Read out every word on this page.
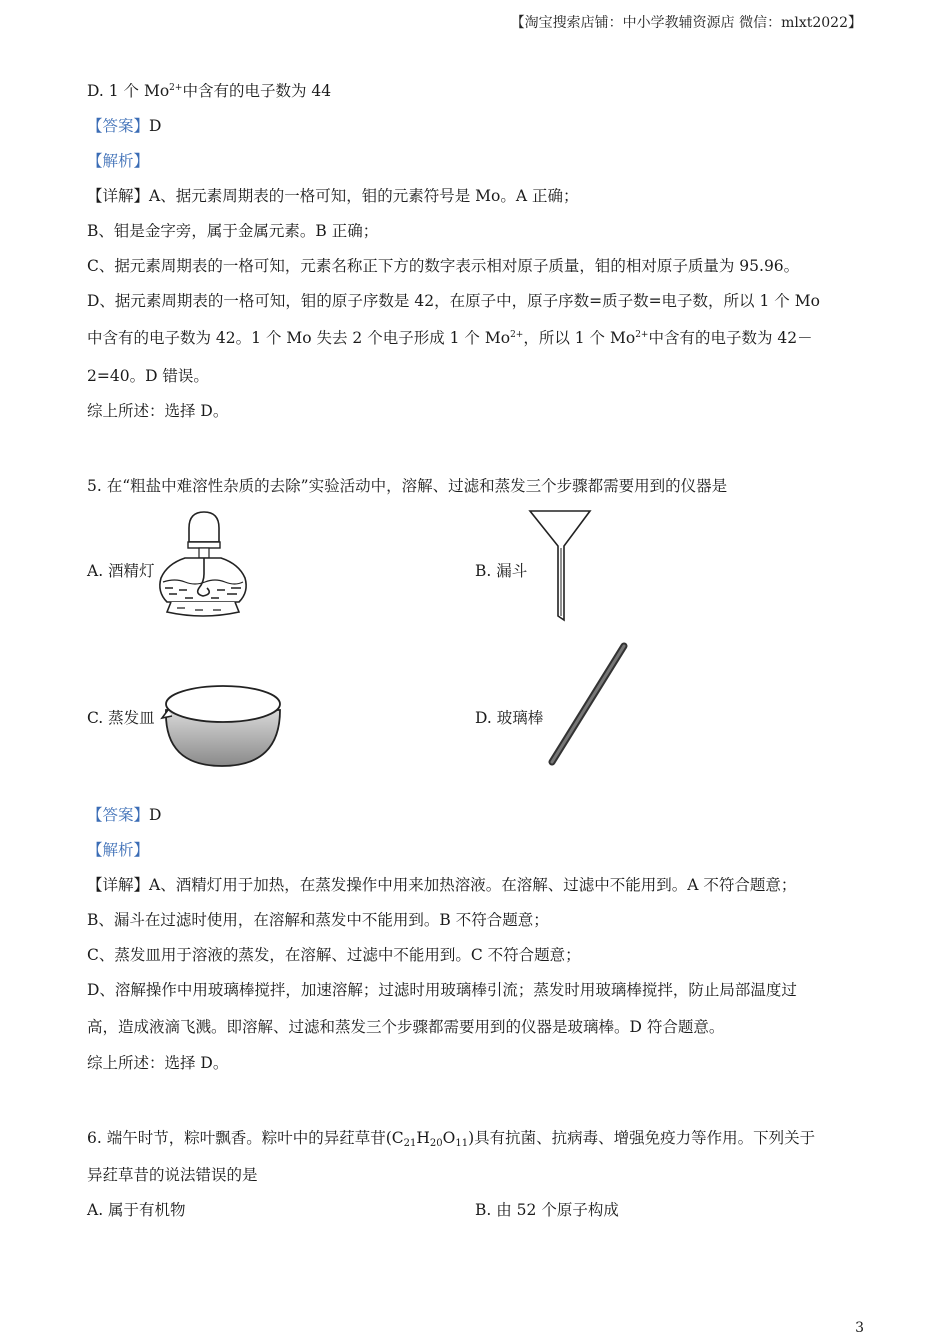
【淘宝搜索店铺：中小学教辅资源店 微信：mlxt2022】
D. 1 个 $Mo^{2+}$中含有的电子数为 44
【答案】D
【解析】
【详解】A、据元素周期表的一格可知，钼的元素符号是 Mo。A 正确；
B、钼是金字旁，属于金属元素。B 正确；
C、据元素周期表的一格可知，元素名称正下方的数字表示相对原子质量，钼的相对原子质量为 95.96。
D、据元素周期表的一格可知，钼的原子序数是 42，在原子中，原子序数=质子数=电子数，所以 1 个 Mo
中含有的电子数为 42。1 个 Mo 失去 2 个电子形成 1 个 $Mo^{2+}$，所以 1 个 $Mo^{2+}$中含有的电子数为 42－
2=40。D 错误。
综上所述：选择 D。
5. 在“粗盐中难溶性杂质的去除”实验活动中，溶解、过滤和蒸发三个步骤都需要用到的仪器是
A. 酒精灯	B. 漏斗
C. 蒸发皿	D. 玻璃棒
【答案】D
【解析】
【详解】A、酒精灯用于加热，在蒸发操作中用来加热溶液。在溶解、过滤中不能用到。A 不符合题意；
B、漏斗在过滤时使用，在溶解和蒸发中不能用到。B 不符合题意；
C、蒸发皿用于溶液的蒸发，在溶解、过滤中不能用到。C 不符合题意；
D、溶解操作中用玻璃棒搅拌，加速溶解；过滤时用玻璃棒引流；蒸发时用玻璃棒搅拌，防止局部温度过
高，造成液滴飞溅。即溶解、过滤和蒸发三个步骤都需要用到的仪器是玻璃棒。D 符合题意。
综上所述：选择 D。
6. 端午时节，粽叶飘香。粽叶中的异荭草苷$(C_{21}H_{20}O_{11})$具有抗菌、抗病毒、增强免疫力等作用。下列关于
异荭草昔的说法错误的是
A. 属于有机物	B. 由 52 个原子构成
3
